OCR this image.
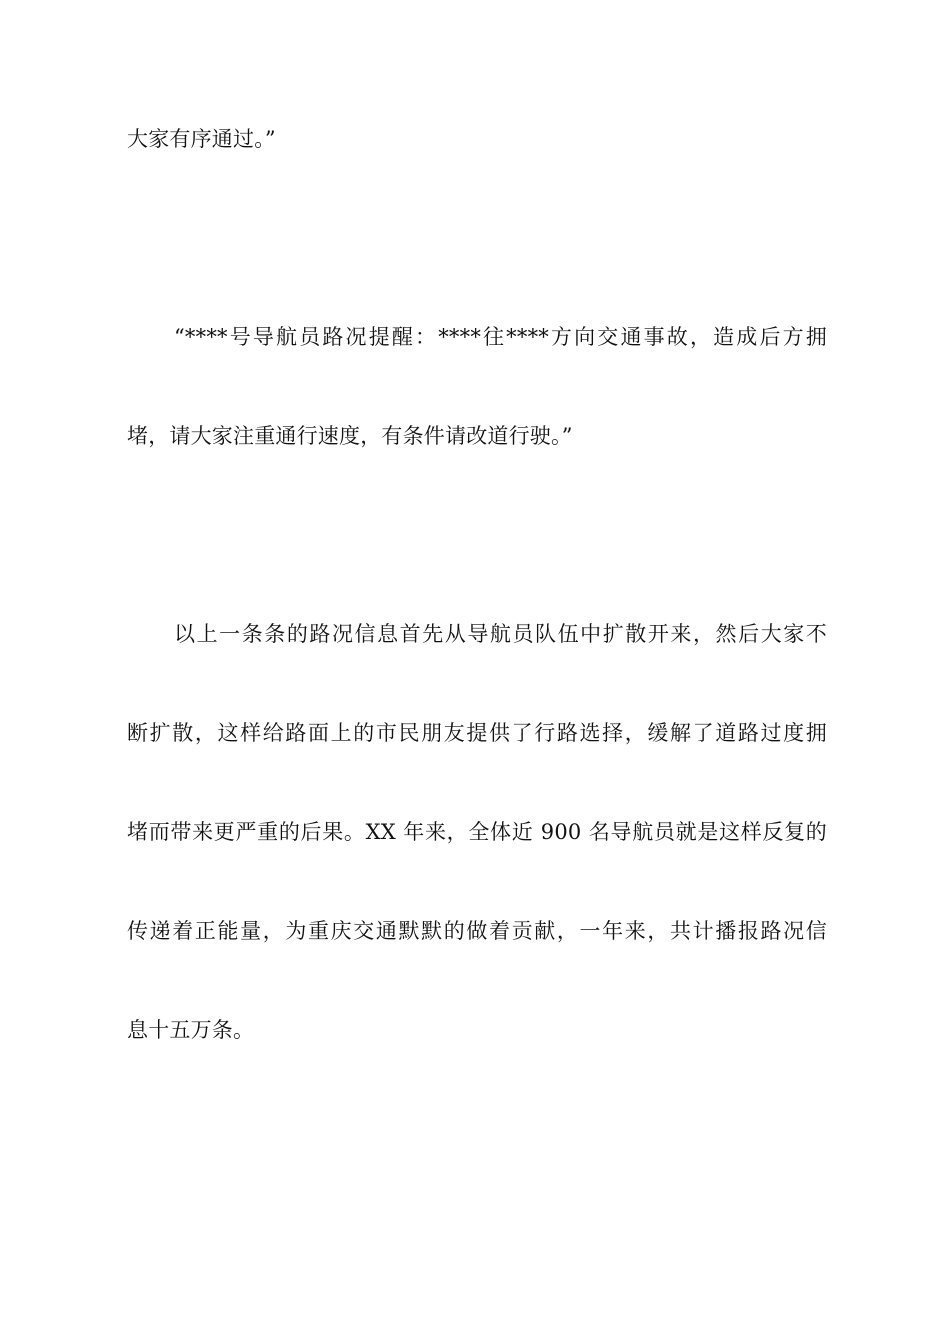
大家有序通过。”
“****号导航员路况提醒：****往****方向交通事故，造成后方拥
堵，请大家注重通行速度，有条件请改道行驶。”
以上一条条的路况信息首先从导航员队伍中扩散开来，然后大家不
断扩散，这样给路面上的市民朋友提供了行路选择，缓解了道路过度拥
堵而带来更严重的后果。XX 年来，全体近 900 名导航员就是这样反复的
传递着正能量，为重庆交通默默的做着贡献，一年来，共计播报路况信
息十五万条。
